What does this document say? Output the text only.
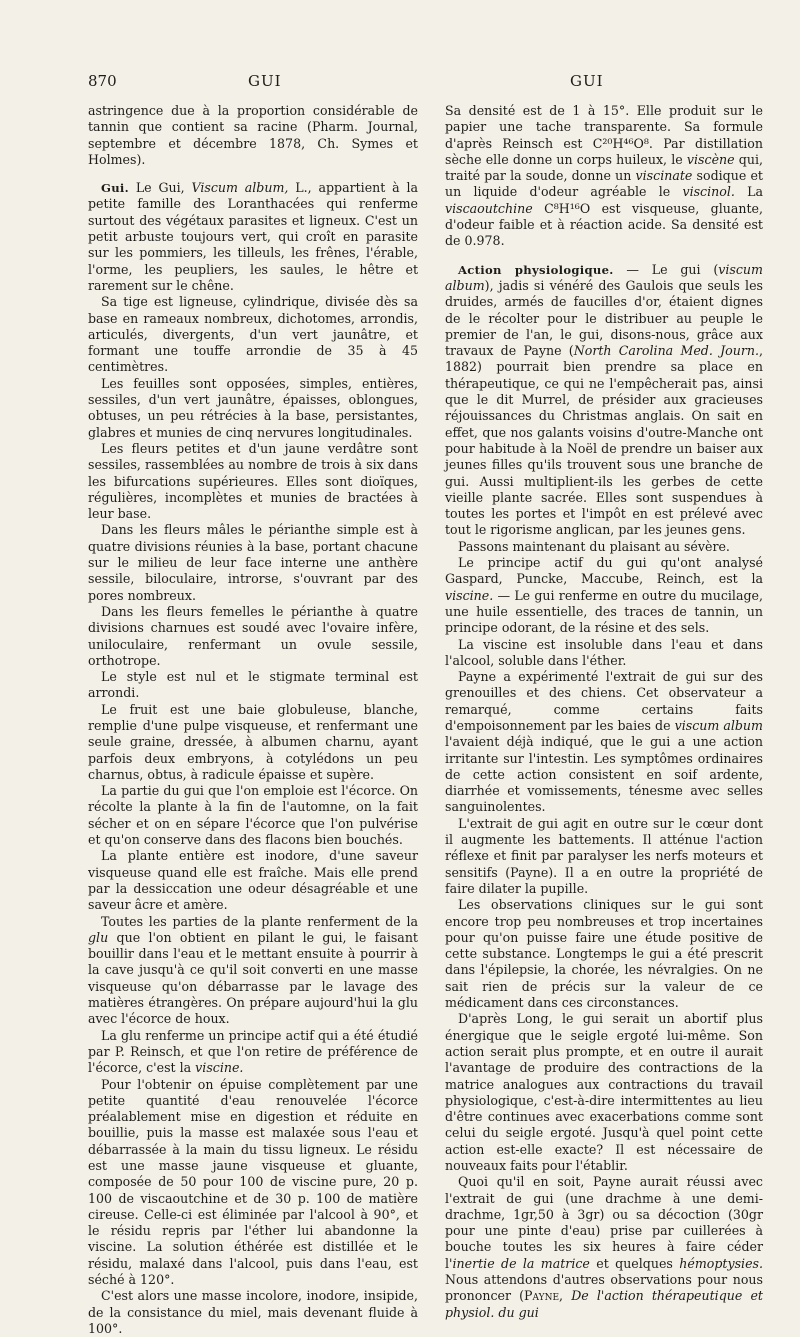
870	GUI	GUI

astringence due à la proportion considérable de tannin que contient sa racine (Pharm. Journal, septembre et décembre 1878, Ch. Symes et Holmes).

Gui. Le Gui, Viscum album, L., appartient à la petite famille des Loranthacées qui renferme surtout des végétaux parasites et ligneux. C'est un petit arbuste toujours vert, qui croît en parasite sur les pommiers, les tilleuls, les frênes, l'érable, l'orme, les peupliers, les saules, le hêtre et rarement sur le chêne.

Sa tige est ligneuse, cylindrique, divisée dès sa base en rameaux nombreux, dichotomes, arrondis, articulés, divergents, d'un vert jaunâtre, et formant une touffe arrondie de 35 à 45 centimètres.

Les feuilles sont opposées, simples, entières, sessiles, d'un vert jaunâtre, épaisses, oblongues, obtuses, un peu rétrécies à la base, persistantes, glabres et munies de cinq nervures longitudinales.

Les fleurs petites et d'un jaune verdâtre sont sessiles, rassemblées au nombre de trois à six dans les bifurcations supérieures. Elles sont dioïques, régulières, incomplètes et munies de bractées à leur base.

Dans les fleurs mâles le périanthe simple est à quatre divisions réunies à la base, portant chacune sur le milieu de leur face interne une anthère sessile, biloculaire, introrse, s'ouvrant par des pores nombreux.

Dans les fleurs femelles le périanthe à quatre divisions charnues est soudé avec l'ovaire infère, uniloculaire, renfermant un ovule sessile, orthotrope.

Le style est nul et le stigmate terminal est arrondi.

Le fruit est une baie globuleuse, blanche, remplie d'une pulpe visqueuse, et renfermant une seule graine, dressée, à albumen charnu, ayant parfois deux embryons, à cotylédons un peu charnus, obtus, à radicule épaisse et supère.

La partie du gui que l'on emploie est l'écorce. On récolte la plante à la fin de l'automne, on la fait sécher et on en sépare l'écorce que l'on pulvérise et qu'on conserve dans des flacons bien bouchés.

La plante entière est inodore, d'une saveur visqueuse quand elle est fraîche. Mais elle prend par la dessiccation une odeur désagréable et une saveur âcre et amère.

Toutes les parties de la plante renferment de la glu que l'on obtient en pilant le gui, le faisant bouillir dans l'eau et le mettant ensuite à pourrir à la cave jusqu'à ce qu'il soit converti en une masse visqueuse qu'on débarrasse par le lavage des matières étrangères. On prépare aujourd'hui la glu avec l'écorce de houx.

La glu renferme un principe actif qui a été étudié par P. Reinsch, et que l'on retire de préférence de l'écorce, c'est la viscine.

Pour l'obtenir on épuise complètement par une petite quantité d'eau renouvelée l'écorce préalablement mise en digestion et réduite en bouillie, puis la masse est malaxée sous l'eau et débarrassée à la main du tissu ligneux. Le résidu est une masse jaune visqueuse et gluante, composée de 50 pour 100 de viscine pure, 20 p. 100 de viscaoutchine et de 30 p. 100 de matière cireuse. Celle-ci est éliminée par l'alcool à 90°, et le résidu repris par l'éther lui abandonne la viscine. La solution éthérée est distillée et le résidu, malaxé dans l'alcool, puis dans l'eau, est séché à 120°.

C'est alors une masse incolore, inodore, insipide, de la consistance du miel, mais devenant fluide à 100°.

Sa densité est de 1 à 15°. Elle produit sur le papier une tache transparente. Sa formule d'après Reinsch est C²⁰H⁴⁶O⁸. Par distillation sèche elle donne un corps huileux, le viscène qui, traité par la soude, donne un viscinate sodique et un liquide d'odeur agréable le viscinol. La viscaoutchine C⁸H¹⁶O est visqueuse, gluante, d'odeur faible et à réaction acide. Sa densité est de 0.978.

Action physiologique. — Le gui (viscum album), jadis si vénéré des Gaulois que seuls les druides, armés de faucilles d'or, étaient dignes de le récolter pour le distribuer au peuple le premier de l'an, le gui, disons-nous, grâce aux travaux de Payne (North Carolina Med. Journ., 1882) pourrait bien prendre sa place en thérapeutique, ce qui ne l'empêcherait pas, ainsi que le dit Murrel, de présider aux gracieuses réjouissances du Christmas anglais. On sait en effet, que nos galants voisins d'outre-Manche ont pour habitude à la Noël de prendre un baiser aux jeunes filles qu'ils trouvent sous une branche de gui. Aussi multiplient-ils les gerbes de cette vieille plante sacrée. Elles sont suspendues à toutes les portes et l'impôt en est prélevé avec tout le rigorisme anglican, par les jeunes gens.

Passons maintenant du plaisant au sévère.

Le principe actif du gui qu'ont analysé Gaspard, Puncke, Maccube, Reinch, est la viscine. — Le gui renferme en outre du mucilage, une huile essentielle, des traces de tannin, un principe odorant, de la résine et des sels.

La viscine est insoluble dans l'eau et dans l'alcool, soluble dans l'éther.

Payne a expérimenté l'extrait de gui sur des grenouilles et des chiens. Cet observateur a remarqué, comme certains faits d'empoisonnement par les baies de viscum album l'avaient déjà indiqué, que le gui a une action irritante sur l'intestin. Les symptômes ordinaires de cette action consistent en soif ardente, diarrhée et vomissements, ténesme avec selles sanguinolentes.

L'extrait de gui agit en outre sur le cœur dont il augmente les battements. Il atténue l'action réflexe et finit par paralyser les nerfs moteurs et sensitifs (Payne). Il a en outre la propriété de faire dilater la pupille.

Les observations cliniques sur le gui sont encore trop peu nombreuses et trop incertaines pour qu'on puisse faire une étude positive de cette substance. Longtemps le gui a été prescrit dans l'épilepsie, la chorée, les névralgies. On ne sait rien de précis sur la valeur de ce médicament dans ces circonstances.

D'après Long, le gui serait un abortif plus énergique que le seigle ergoté lui-même. Son action serait plus prompte, et en outre il aurait l'avantage de produire des contractions de la matrice analogues aux contractions du travail physiologique, c'est-à-dire intermittentes au lieu d'être continues avec exacerbations comme sont celui du seigle ergoté. Jusqu'à quel point cette action est-elle exacte? Il est nécessaire de nouveaux faits pour l'établir.

Quoi qu'il en soit, Payne aurait réussi avec l'extrait de gui (une drachme à une demi-drachme, 1gr,50 à 3gr) ou sa décoction (30gr pour une pinte d'eau) prise par cuillerées à bouche toutes les six heures à faire céder l'inertie de la matrice et quelques hémoptysies. Nous attendons d'autres observations pour nous prononcer (Payne, De l'action thérapeutique et physiol. du gui
